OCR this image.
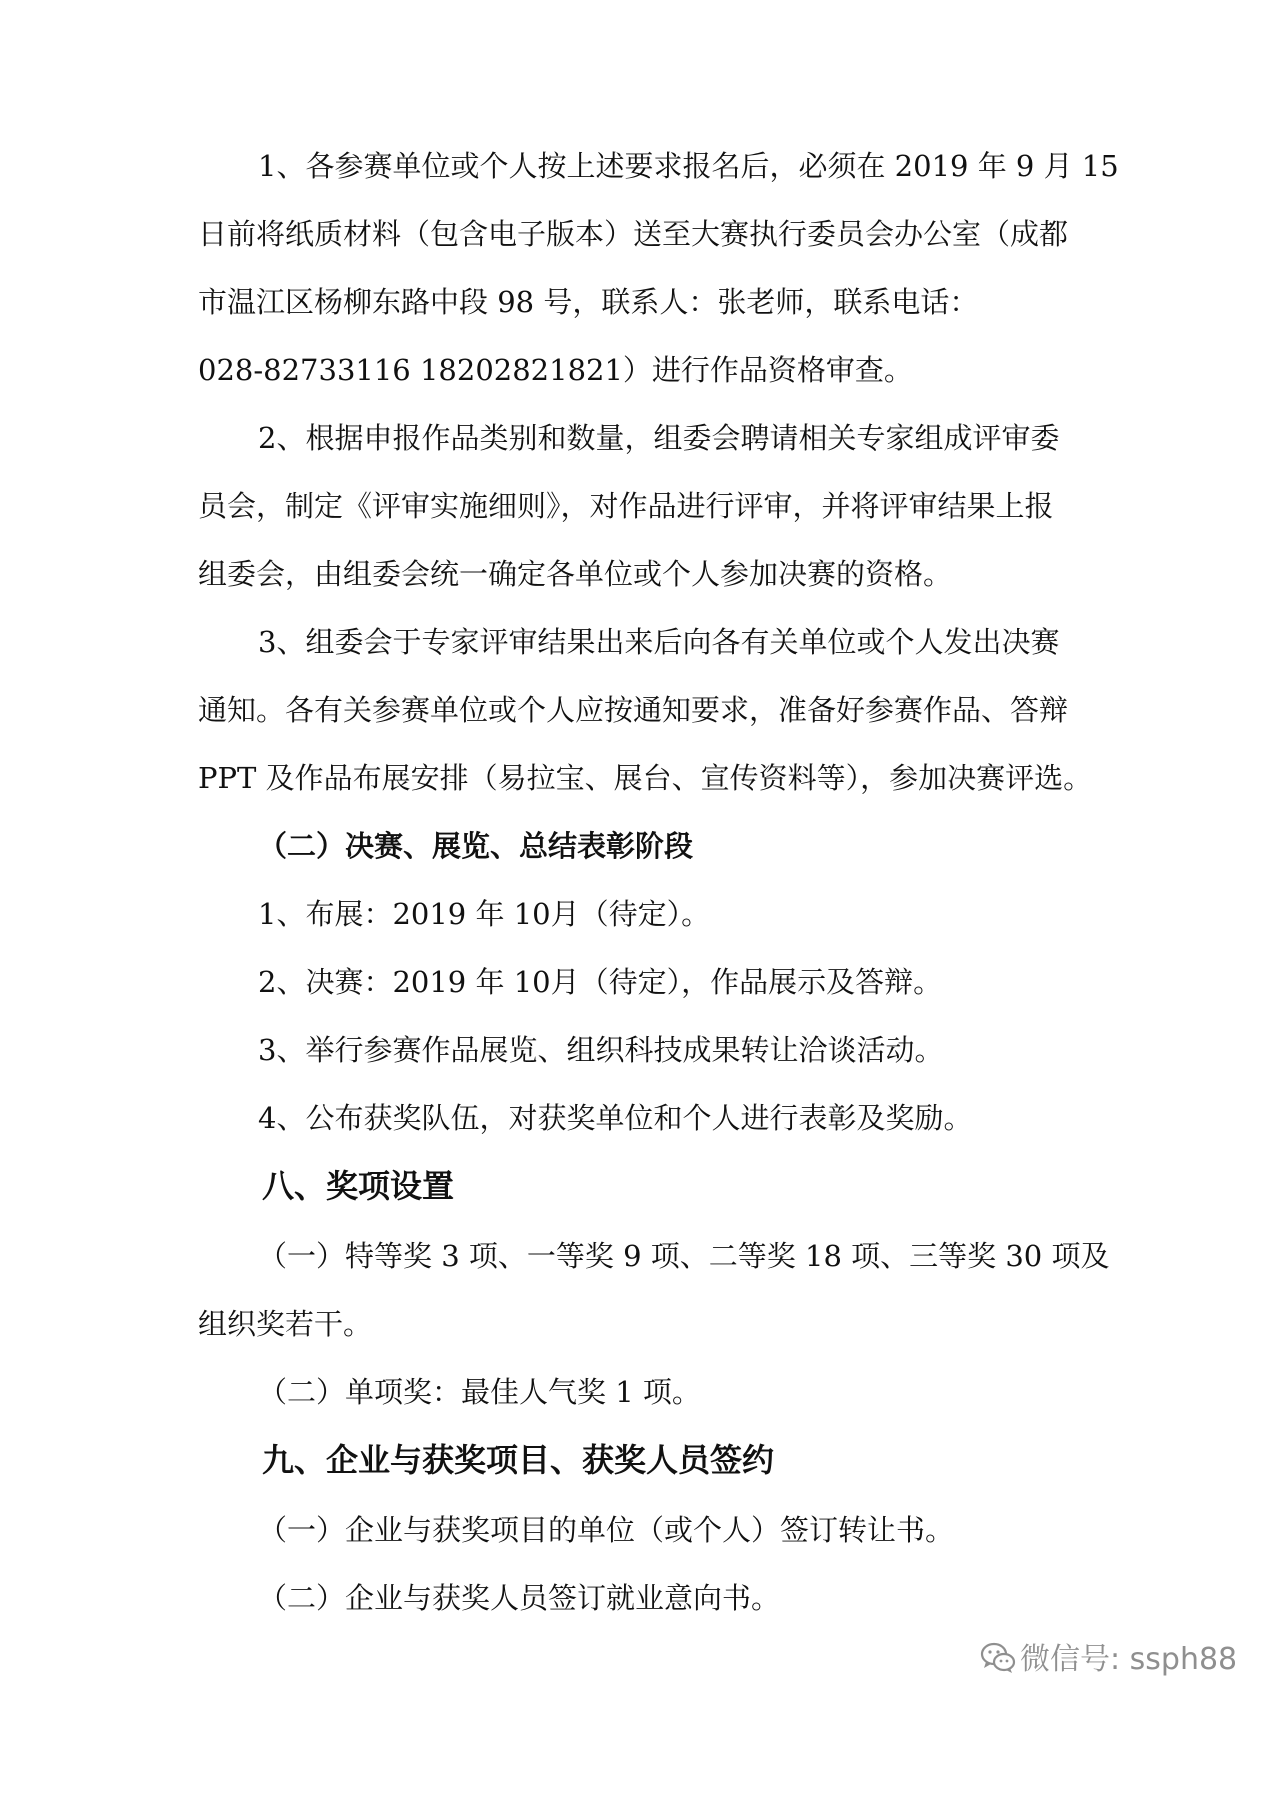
1、各参赛单位或个人按上述要求报名后，必须在 2019 年 9 月 15

日前将纸质材料（包含电子版本）送至大赛执行委员会办公室（成都

市温江区杨柳东路中段 98 号，联系人：张老师，联系电话：

028-82733116 18202821821）进行作品资格审查。

2、根据申报作品类别和数量，组委会聘请相关专家组成评审委

员会，制定《评审实施细则》，对作品进行评审，并将评审结果上报

组委会，由组委会统一确定各单位或个人参加决赛的资格。

3、组委会于专家评审结果出来后向各有关单位或个人发出决赛

通知。各有关参赛单位或个人应按通知要求，准备好参赛作品、答辩

PPT 及作品布展安排（易拉宝、展台、宣传资料等），参加决赛评选。

（二）决赛、展览、总结表彰阶段

1、布展：2019 年 10月（待定）。

2、决赛：2019 年 10月（待定），作品展示及答辩。

3、举行参赛作品展览、组织科技成果转让洽谈活动。

4、公布获奖队伍，对获奖单位和个人进行表彰及奖励。

八、奖项设置

（一）特等奖 3 项、一等奖 9 项、二等奖 18 项、三等奖 30 项及

组织奖若干。

（二）单项奖：最佳人气奖 1 项。

九、企业与获奖项目、获奖人员签约

（一）企业与获奖项目的单位（或个人）签订转让书。

（二）企业与获奖人员签订就业意向书。

微信号: ssph88
